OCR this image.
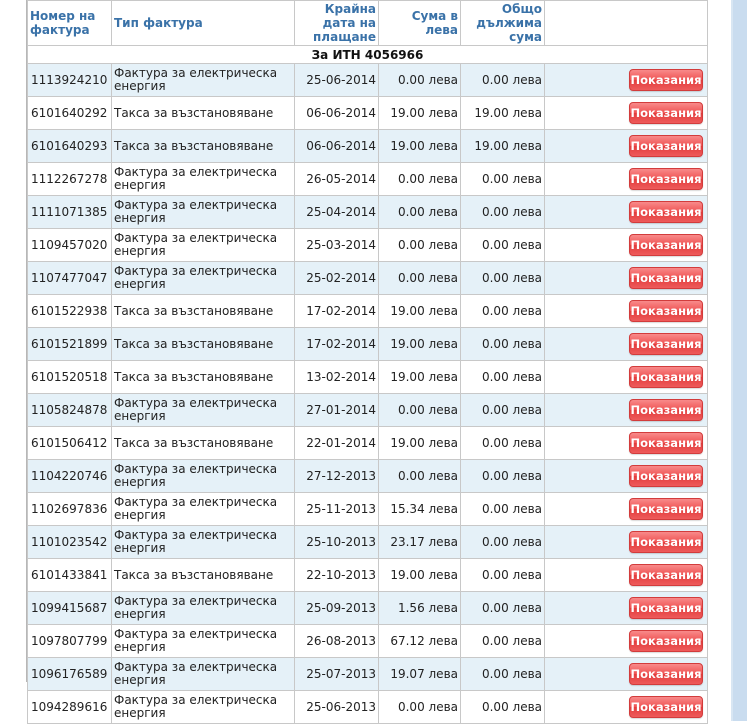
Номер на фактура	Тип фактура	Крайна дата на плащане	Сума в лева	Общо дължима сума	
За ИТН 4056966					
1113924210	Фактура за електрическа енергия	25-06-2014	0.00 лева	0.00 лева	Показания
6101640292	Такса за възстановяване	06-06-2014	19.00 лева	19.00 лева	Показания
6101640293	Такса за възстановяване	06-06-2014	19.00 лева	19.00 лева	Показания
1112267278	Фактура за електрическа енергия	26-05-2014	0.00 лева	0.00 лева	Показания
1111071385	Фактура за електрическа енергия	25-04-2014	0.00 лева	0.00 лева	Показания
1109457020	Фактура за електрическа енергия	25-03-2014	0.00 лева	0.00 лева	Показания
1107477047	Фактура за електрическа енергия	25-02-2014	0.00 лева	0.00 лева	Показания
6101522938	Такса за възстановяване	17-02-2014	19.00 лева	0.00 лева	Показания
6101521899	Такса за възстановяване	17-02-2014	19.00 лева	0.00 лева	Показания
6101520518	Такса за възстановяване	13-02-2014	19.00 лева	0.00 лева	Показания
1105824878	Фактура за електрическа енергия	27-01-2014	0.00 лева	0.00 лева	Показания
6101506412	Такса за възстановяване	22-01-2014	19.00 лева	0.00 лева	Показания
1104220746	Фактура за електрическа енергия	27-12-2013	0.00 лева	0.00 лева	Показания
1102697836	Фактура за електрическа енергия	25-11-2013	15.34 лева	0.00 лева	Показания
1101023542	Фактура за електрическа енергия	25-10-2013	23.17 лева	0.00 лева	Показания
6101433841	Такса за възстановяване	22-10-2013	19.00 лева	0.00 лева	Показания
1099415687	Фактура за електрическа енергия	25-09-2013	1.56 лева	0.00 лева	Показания
1097807799	Фактура за електрическа енергия	26-08-2013	67.12 лева	0.00 лева	Показания
1096176589	Фактура за електрическа енергия	25-07-2013	19.07 лева	0.00 лева	Показания
1094289616	Фактура за електрическа енергия	25-06-2013	0.00 лева	0.00 лева	Показания
